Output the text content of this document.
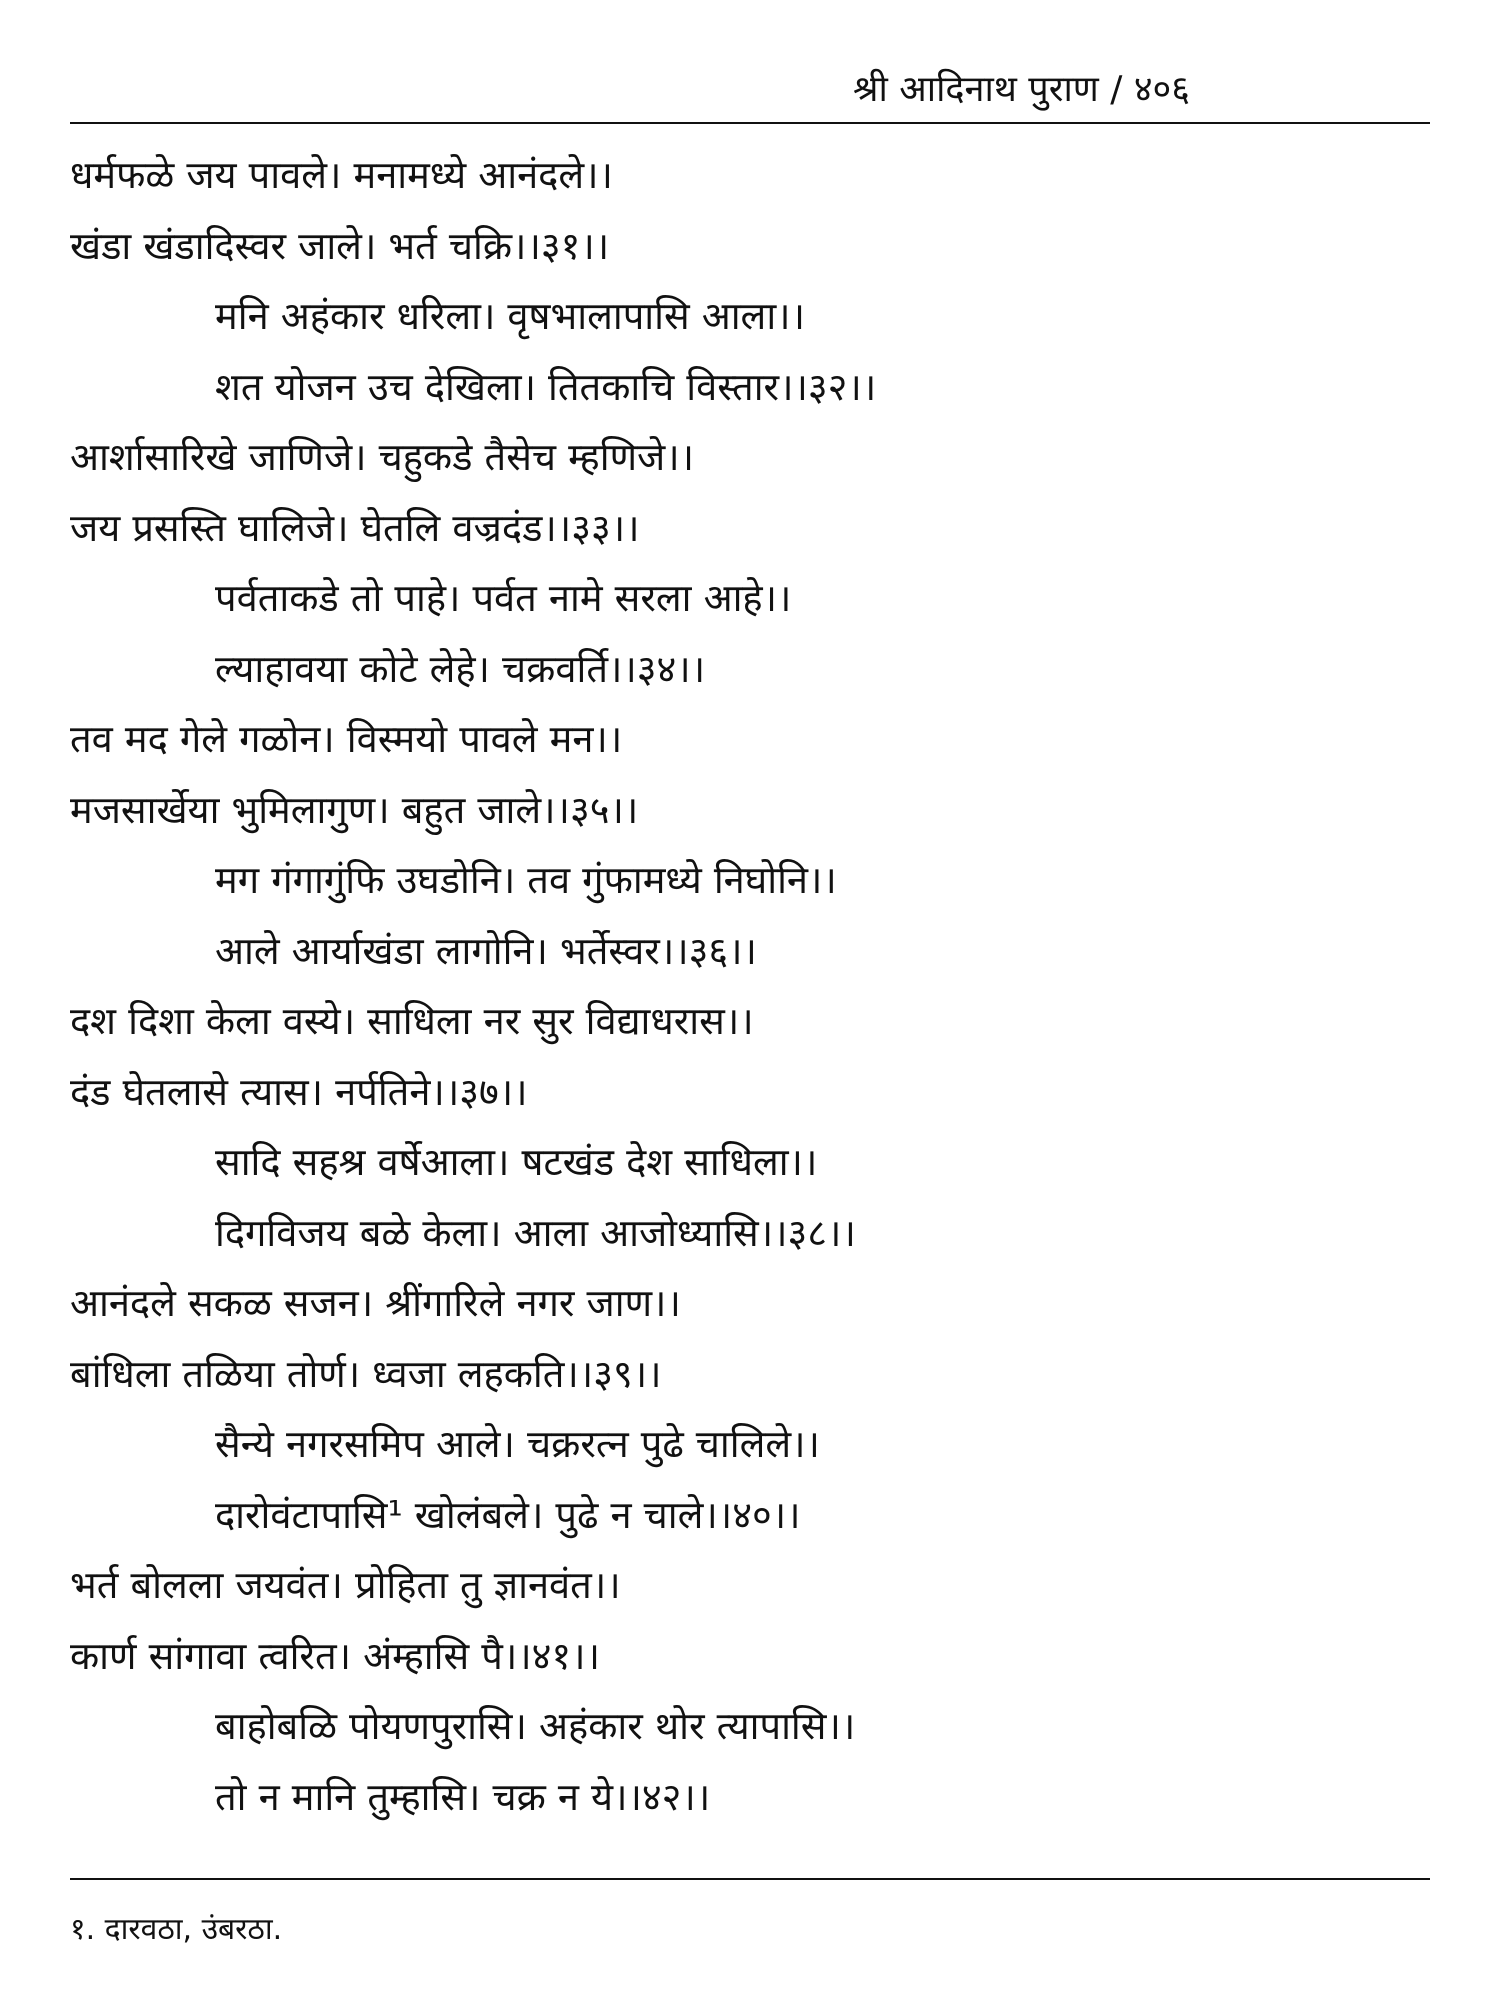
श्री आदिनाथ पुराण / ४०६
धर्मफळे जय पावले। मनामध्ये आनंदले।।
खंडा खंडादिस्वर जाले। भर्त चक्रि।।३१।।
मनि अहंकार धरिला। वृषभालापासि आला।।
शत योजन उच देखिला। तितकाचि विस्तार।।३२।।
आर्शासारिखे जाणिजे। चहुकडे तैसेच म्हणिजे।।
जय प्रसस्ति घालिजे। घेतलि वज्रदंड।।३३।।
पर्वताकडे तो पाहे। पर्वत नामे सरला आहे।।
ल्याहावया कोटे लेहे। चक्रवर्ति।।३४।।
तव मद गेले गळोन। विस्मयो पावले मन।।
मजसार्खेया भुमिलागुण। बहुत जाले।।३५।।
मग गंगागुंफि उघडोनि। तव गुंफामध्ये निघोनि।।
आले आर्याखंडा लागोनि। भर्तेस्वर।।३६।।
दश दिशा केला वस्ये। साधिला नर सुर विद्याधरास।।
दंड घेतलासे त्यास। नर्पतिने।।३७।।
सादि सहश्र वर्षेआला। षटखंड देश साधिला।।
दिगविजय बळे केला। आला आजोध्यासि।।३८।।
आनंदले सकळ सजन। श्रींगारिले नगर जाण।।
बांधिला तळिया तोर्ण। ध्वजा लहकति।।३९।।
सैन्ये नगरसमिप आले। चक्ररत्न पुढे चालिले।।
दारोवंटापासि¹ खोलंबले। पुढे न चाले।।४०।।
भर्त बोलला जयवंत। प्रोहिता तु ज्ञानवंत।।
कार्ण सांगावा त्वरित। अंम्हासि पै।।४१।।
बाहोबळि पोयणपुरासि। अहंकार थोर त्यापासि।।
तो न मानि तुम्हासि। चक्र न ये।।४२।।
१. दारवठा, उंबरठा.
